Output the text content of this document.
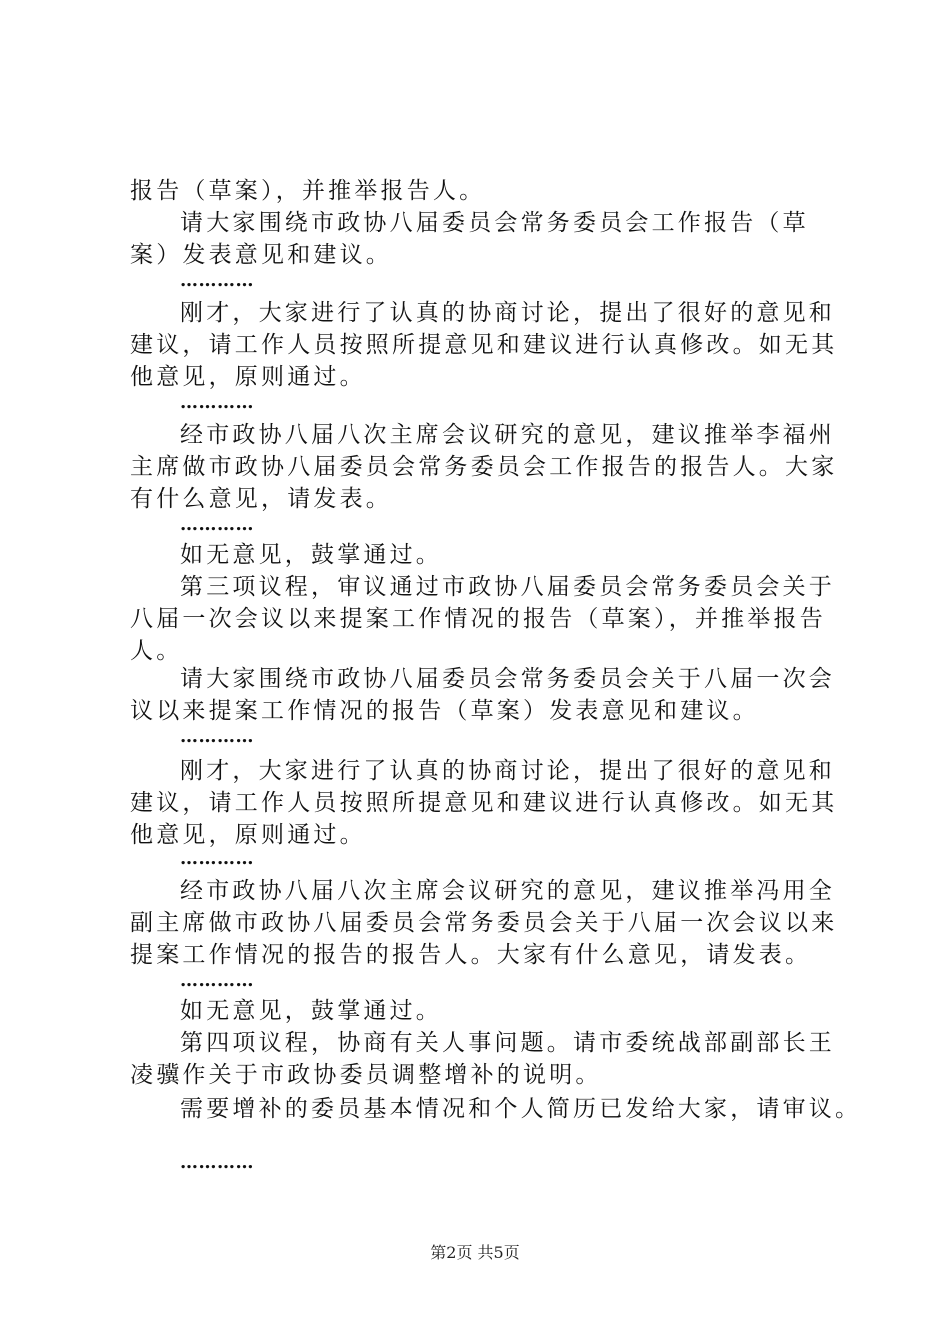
报告（草案），并推举报告人。

请大家围绕市政协八届委员会常务委员会工作报告（草

案）发表意见和建议。

…………

刚才，大家进行了认真的协商讨论，提出了很好的意见和

建议，请工作人员按照所提意见和建议进行认真修改。如无其

他意见，原则通过。

…………

经市政协八届八次主席会议研究的意见，建议推举李福州

主席做市政协八届委员会常务委员会工作报告的报告人。大家

有什么意见，请发表。

…………

如无意见，鼓掌通过。

第三项议程，审议通过市政协八届委员会常务委员会关于

八届一次会议以来提案工作情况的报告（草案），并推举报告

人。

请大家围绕市政协八届委员会常务委员会关于八届一次会

议以来提案工作情况的报告（草案）发表意见和建议。

…………

刚才，大家进行了认真的协商讨论，提出了很好的意见和

建议，请工作人员按照所提意见和建议进行认真修改。如无其

他意见，原则通过。

…………

经市政协八届八次主席会议研究的意见，建议推举冯用全

副主席做市政协八届委员会常务委员会关于八届一次会议以来

提案工作情况的报告的报告人。大家有什么意见，请发表。

…………

如无意见，鼓掌通过。

第四项议程，协商有关人事问题。请市委统战部副部长王

凌骥作关于市政协委员调整增补的说明。

需要增补的委员基本情况和个人简历已发给大家，请审议。

…………

第2页 共5页
